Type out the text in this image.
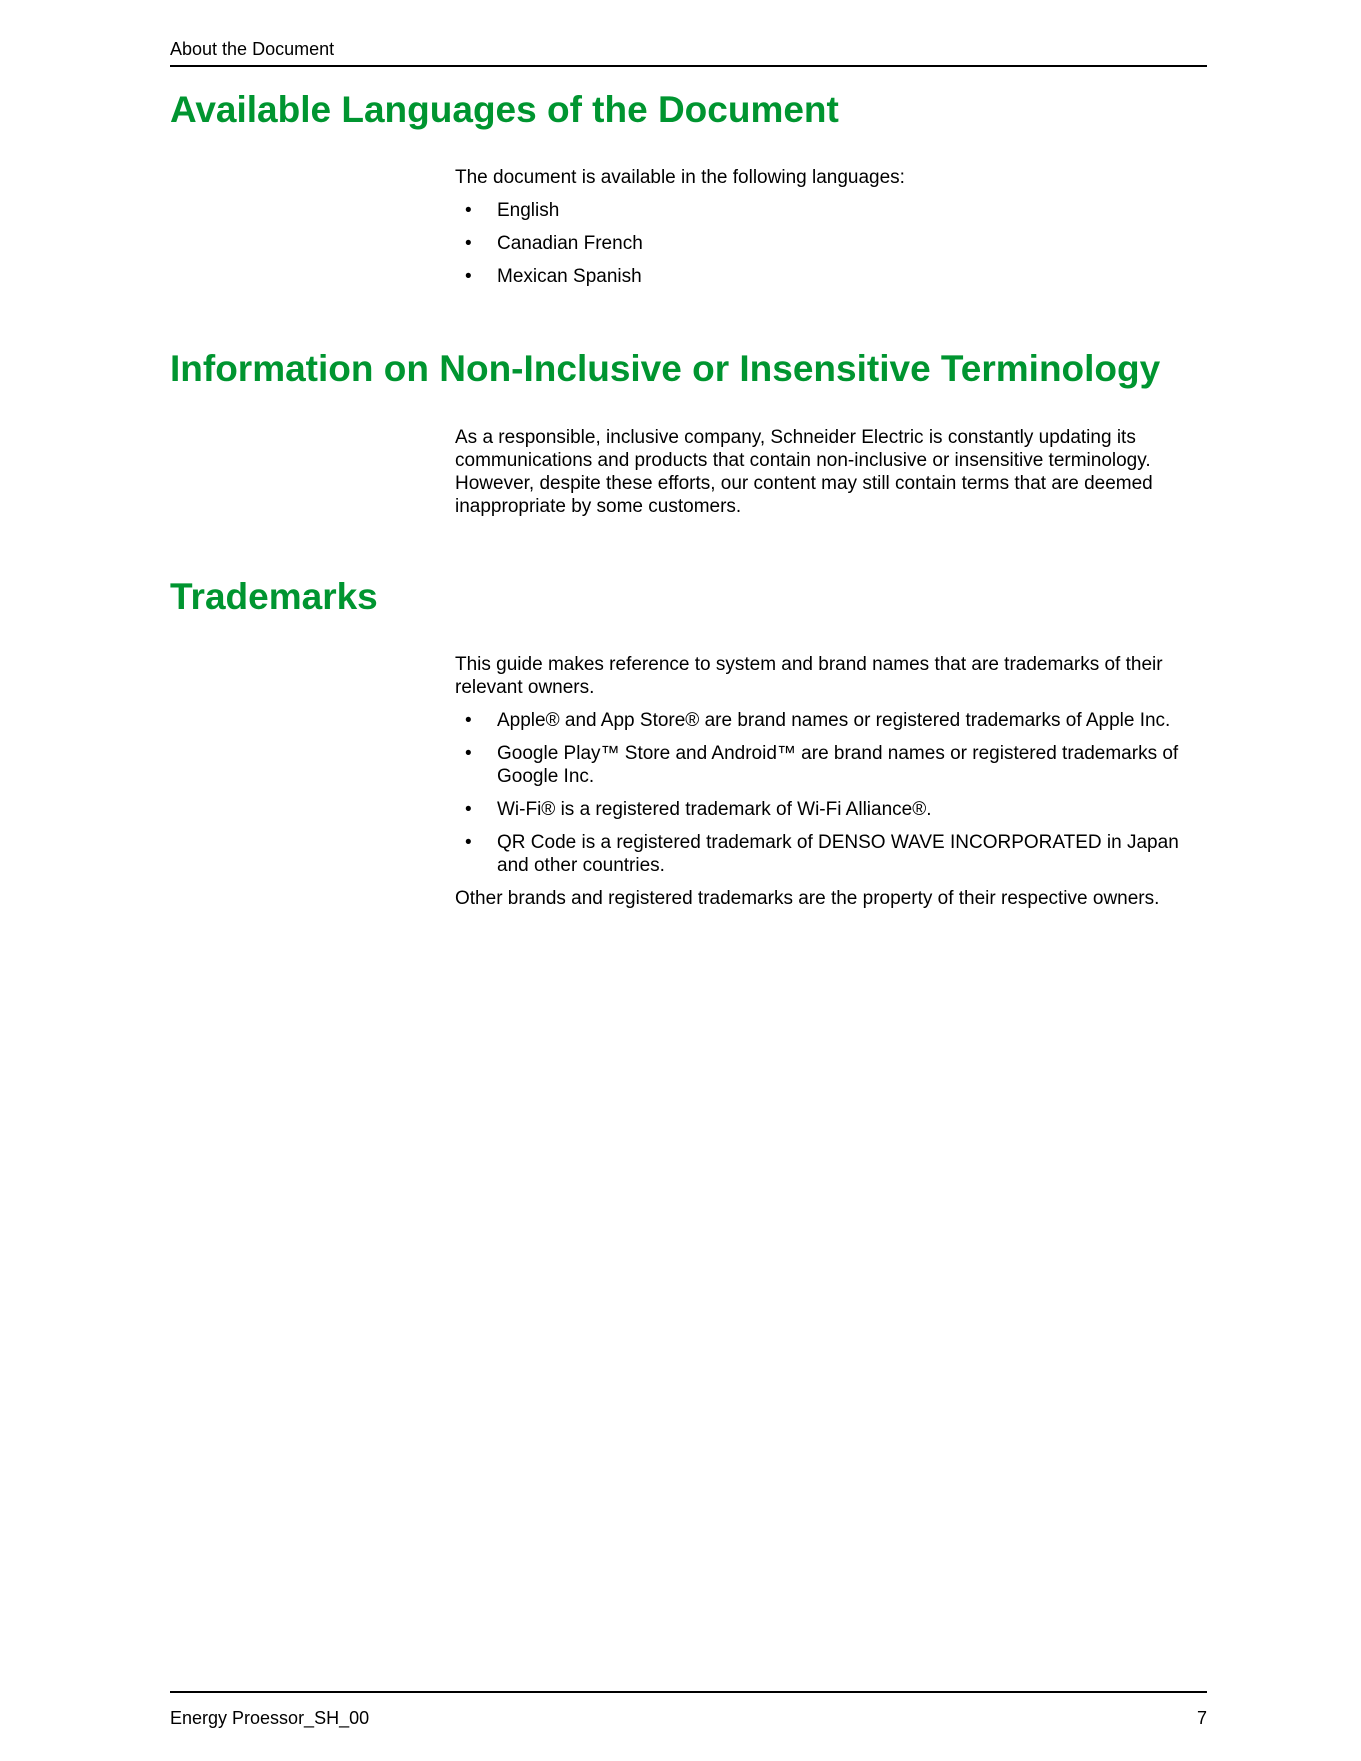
About the Document
Available Languages of the Document

The document is available in the following languages:

• English
• Canadian French
• Mexican Spanish
Information on Non-Inclusive or Insensitive Terminology

As a responsible, inclusive company, Schneider Electric is constantly updating its communications and products that contain non-inclusive or insensitive terminology. However, despite these efforts, our content may still contain terms that are deemed inappropriate by some customers.

Trademarks

This guide makes reference to system and brand names that are trademarks of their relevant owners.

• Apple® and App Store® are brand names or registered trademarks of Apple Inc.
• Google Play™ Store and Android™ are brand names or registered trademarks of Google Inc.
• Wi-Fi® is a registered trademark of Wi-Fi Alliance®.
• QR Code is a registered trademark of DENSO WAVE INCORPORATED in Japan and other countries.

Other brands and registered trademarks are the property of their respective owners.

Energy Proessor_SH_00	7
